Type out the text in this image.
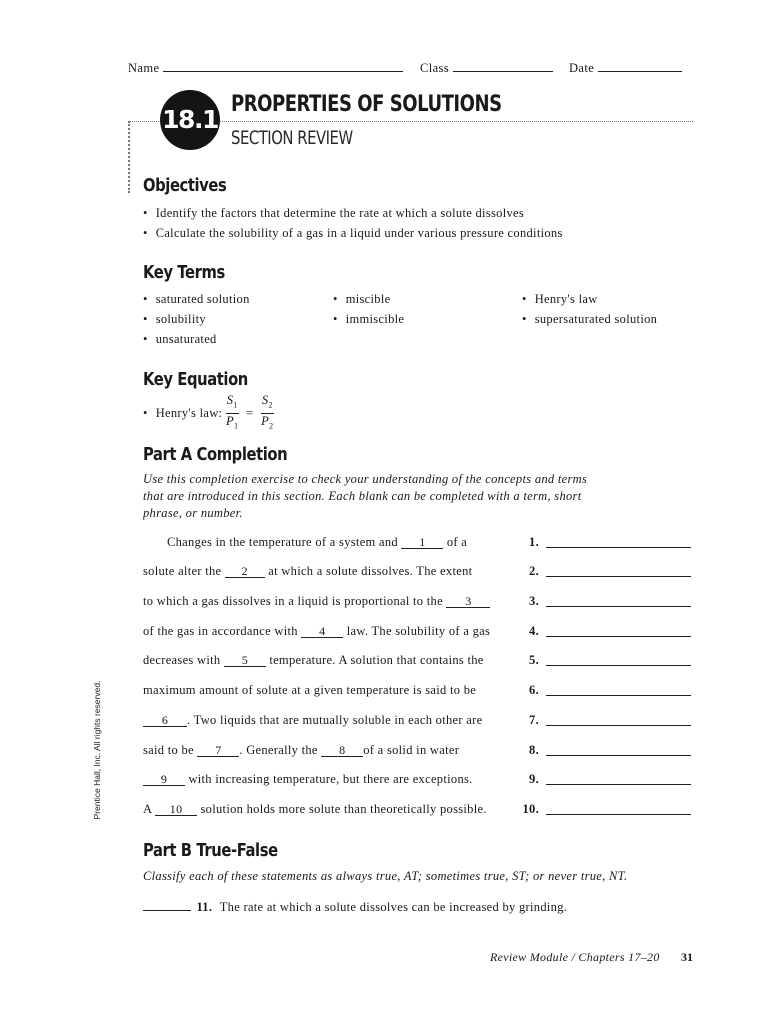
Name	Class	Date
18.1
PROPERTIES OF SOLUTIONS
SECTION REVIEW
Objectives
• Identify the factors that determine the rate at which a solute dissolves
• Calculate the solubility of a gas in a liquid under various pressure conditions
Key Terms
• saturated solution
• solubility
• unsaturated
• miscible
• immiscible
• Henry's law
• supersaturated solution
Key Equation
• Henry's law: $\frac{S_1}{P_1} = \frac{S_2}{P_2}$
Part A Completion
Use this completion exercise to check your understanding of the concepts and terms that are introduced in this section. Each blank can be completed with a term, short phrase, or number.
Changes in the temperature of a system and 1 of a
solute alter the 2 at which a solute dissolves. The extent
to which a gas dissolves in a liquid is proportional to the 3
of the gas in accordance with 4 law. The solubility of a gas
decreases with 5 temperature. A solution that contains the
maximum amount of solute at a given temperature is said to be
6 . Two liquids that are mutually soluble in each other are
said to be 7 . Generally the 8 of a solid in water
9 with increasing temperature, but there are exceptions.
A 10 solution holds more solute than theoretically possible.
1.
2.
3.
4.
5.
6.
7.
8.
9.
10.
Part B True-False
Classify each of these statements as always true, AT; sometimes true, ST; or never true, NT.
11. The rate at which a solute dissolves can be increased by grinding.
Prentice Hall, Inc. All rights reserved.
Review Module / Chapters 17–20 31
